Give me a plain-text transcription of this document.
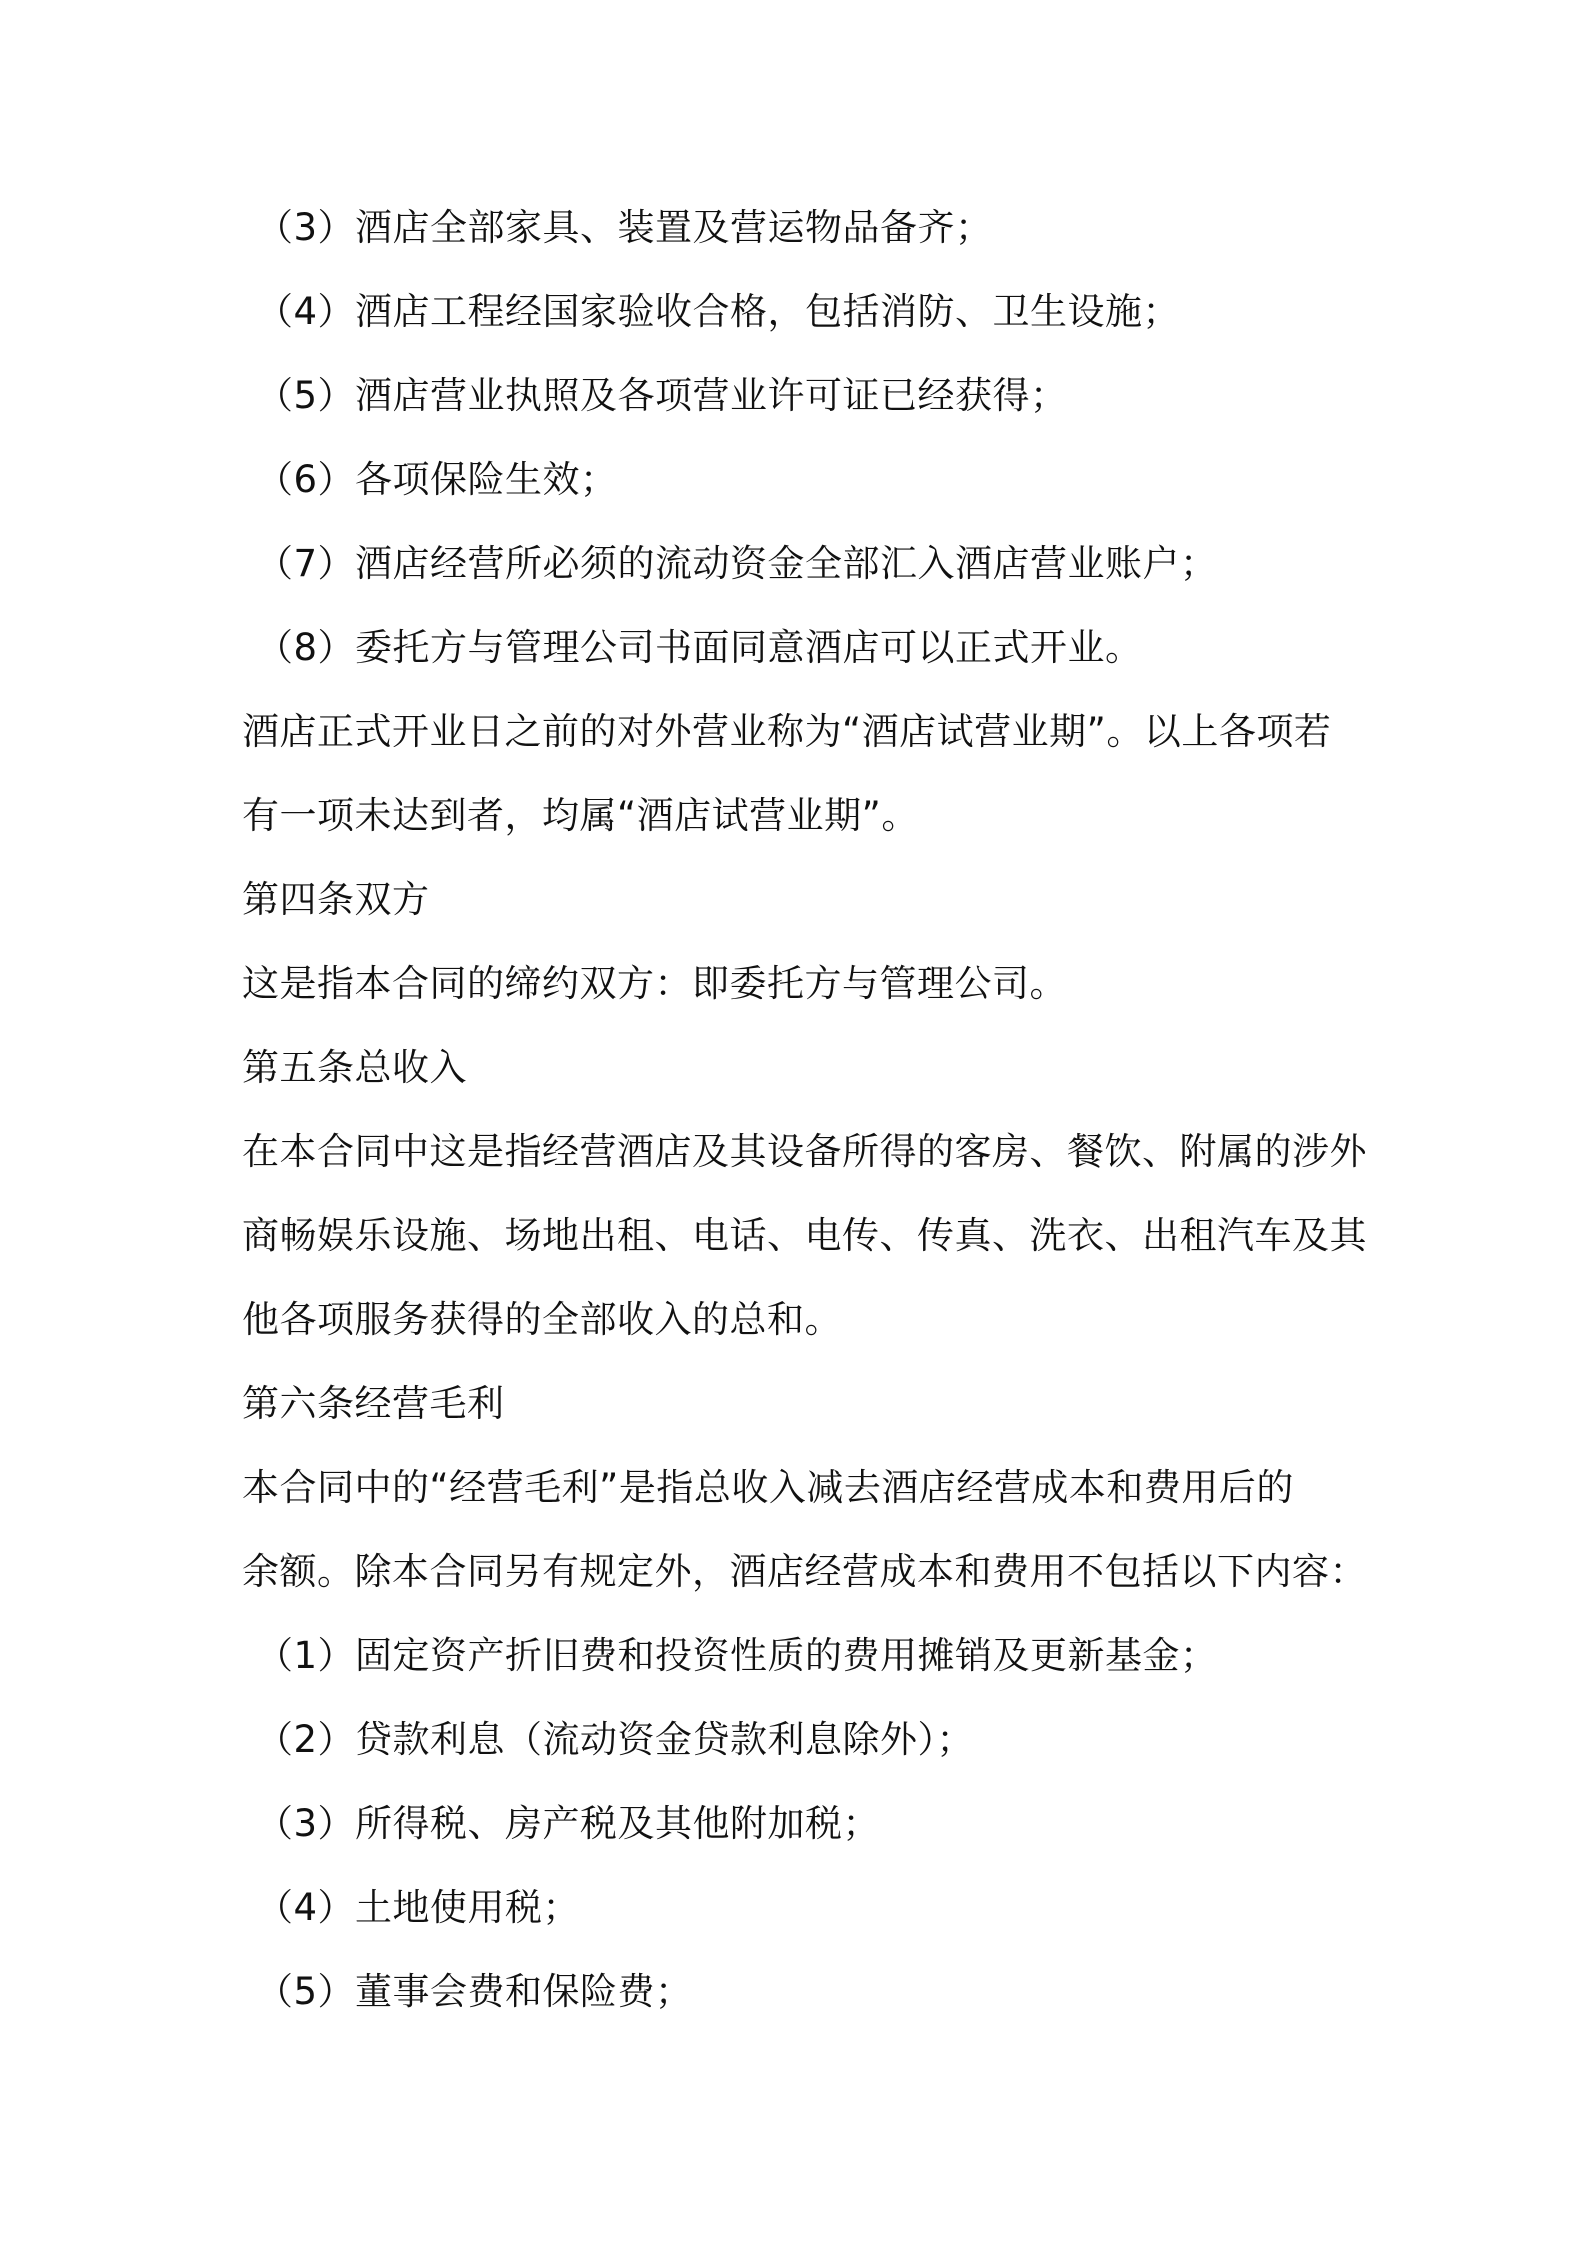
（3）酒店全部家具、装置及营运物品备齐；
（4）酒店工程经国家验收合格，包括消防、卫生设施；
（5）酒店营业执照及各项营业许可证已经获得；
（6）各项保险生效；
（7）酒店经营所必须的流动资金全部汇入酒店营业账户；
（8）委托方与管理公司书面同意酒店可以正式开业。
酒店正式开业日之前的对外营业称为“酒店试营业期”。以上各项若
有一项未达到者，均属“酒店试营业期”。
第四条双方
这是指本合同的缔约双方：即委托方与管理公司。
第五条总收入
在本合同中这是指经营酒店及其设备所得的客房、餐饮、附属的涉外
商畅娱乐设施、场地出租、电话、电传、传真、洗衣、出租汽车及其
他各项服务获得的全部收入的总和。
第六条经营毛利
本合同中的“经营毛利”是指总收入减去酒店经营成本和费用后的
余额。除本合同另有规定外，酒店经营成本和费用不包括以下内容：
（1）固定资产折旧费和投资性质的费用摊销及更新基金；
（2）贷款利息（流动资金贷款利息除外）；
（3）所得税、房产税及其他附加税；
（4）土地使用税；
（5）董事会费和保险费；
